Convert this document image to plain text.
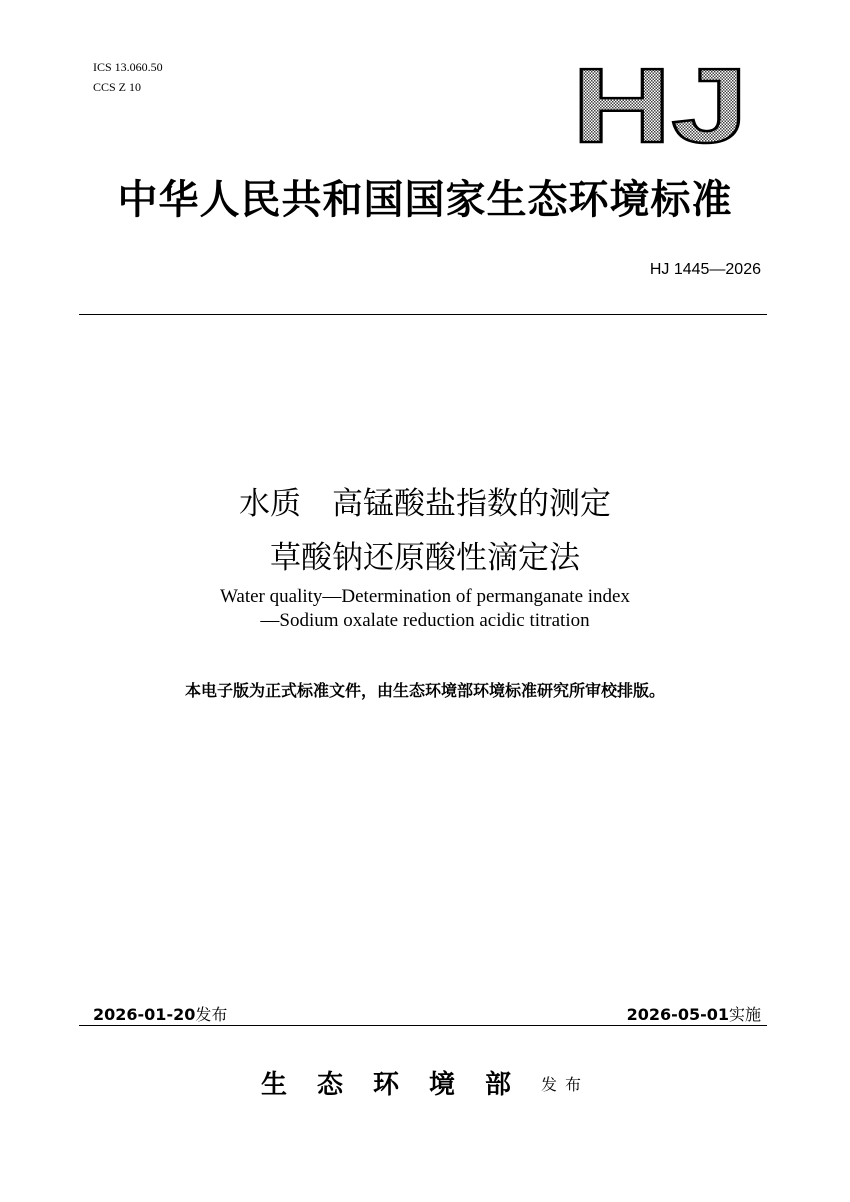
ICS 13.060.50
CCS Z 10	HJ
中华人民共和国国家生态环境标准
HJ 1445—2026
水质　高锰酸盐指数的测定
草酸钠还原酸性滴定法
Water quality—Determination of permanganate index
—Sodium oxalate reduction acidic titration
本电子版为正式标准文件，由生态环境部环境标准研究所审校排版。
2026-01-20发布	2026-05-01实施
生态环境部发布
